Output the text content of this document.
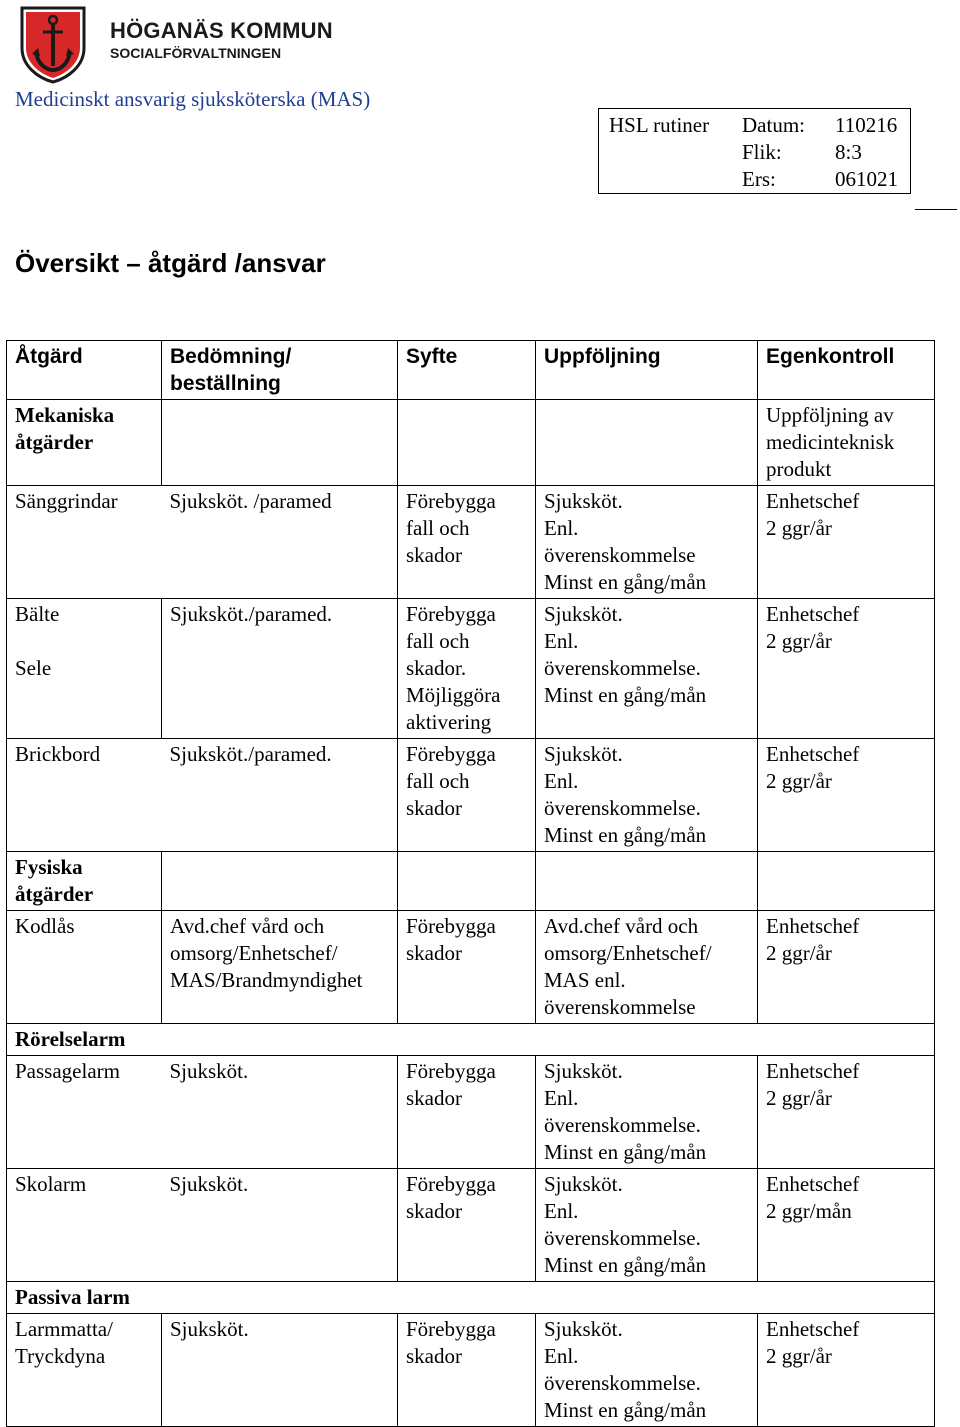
HÖGANÄS KOMMUN
SOCIALFÖRVALTNINGEN
Medicinskt ansvarig sjuksköterska (MAS)
HSL rutiner Datum: 110216
Flik:	8:3
Ers:	061021
Översikt – åtgärd /ansvar
Åtgärd	Bedömning/
beställning	Syfte	Uppföljning	Egenkontroll
Mekaniska
åtgärder				Uppföljning av
medicinteknisk
produkt
Sänggrindar	Sjuksköt. /paramed	Förebygga
fall och
skador	Sjuksköt.
Enl.
överenskommelse
Minst en gång/mån	Enhetschef
2 ggr/år
Bälte

Sele	Sjuksköt./paramed.	Förebygga
fall och
skador.
Möjliggöra
aktivering	Sjuksköt.
Enl.
överenskommelse.
Minst en gång/mån	Enhetschef
2 ggr/år
Brickbord	Sjuksköt./paramed.	Förebygga
fall och
skador	Sjuksköt.
Enl.
överenskommelse.
Minst en gång/mån	Enhetschef
2 ggr/år
Fysiska
åtgärder				
Kodlås	Avd.chef vård och
omsorg/Enhetschef/
MAS/Brandmyndighet	Förebygga
skador	Avd.chef vård och
omsorg/Enhetschef/
MAS enl.
överenskommelse	Enhetschef
2 ggr/år
Rörelselarm				
Passagelarm	Sjuksköt.	Förebygga
skador	Sjuksköt.
Enl.
överenskommelse.
Minst en gång/mån	Enhetschef
2 ggr/år
Skolarm	Sjuksköt.	Förebygga
skador	Sjuksköt.
Enl.
överenskommelse.
Minst en gång/mån	Enhetschef
2 ggr/mån
Passiva larm				
Larmmatta/
Tryckdyna	Sjuksköt.	Förebygga
skador	Sjuksköt.
Enl.
överenskommelse.
Minst en gång/mån	Enhetschef
2 ggr/år
